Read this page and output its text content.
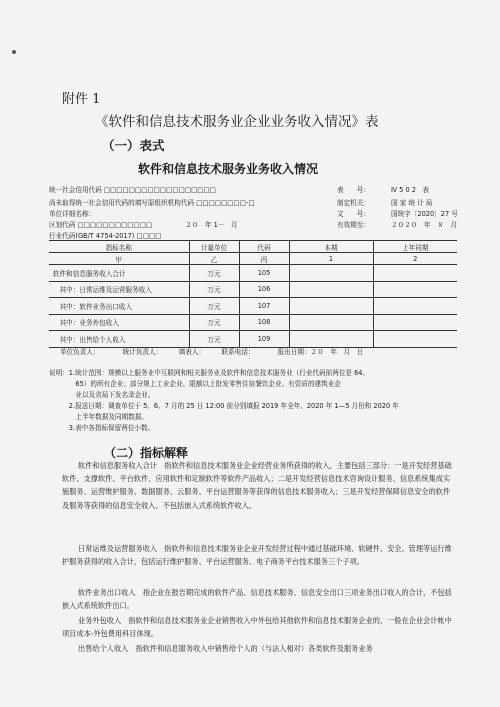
附件 1
《软件和信息技术服务业企业业务收入情况》表
（一）表式
软件和信息技术服务业务收入情况
统一社会信用代码 □□□□□□□□□□□□□□□□□□
尚未取得统一社会信用代码的填写原组织机构代码 □□□□□□□□-□
单位详细名称：
区划代码 □□□□□□□□□□□□　　　　　２０　年 1－　月
行业代码(GB/T 4754-2017) □□□□
表　　号：	Ⅳ 5 0 2　表
制定机关：	国 家 统 计 局
文　　号：	国统字〔2020〕27 号
有效期至：	２０２０　年　８　月
指标名称	计量单位	代码	本期	上年同期
甲	乙	丙	1	2
软件和信息服务收入合计	万元	105		
　其中：日常运维及运营服务收入	万元	106		
　其中：软件业务出口收入	万元	107		
　其中：业务外包收入	万元	108		
　其中：出售给个人收入	万元	109		
单位负责人：　　　　统计负责人：　　　填表人：　　　联系电话：　　　　报出日期：２０　年　月　日
说明：1.统计范围：规模以上服务业中互联网和相关服务业及软件和信息技术服务业（行业代码前两位是 64、
　　　　65）的所有企业；部分规上工业企业、限额以上批发零售住宿餐饮企业、有资质的建筑业企
　　　　业以及省局下发名录企业。
　　　2.报送日期：调查单位于 5、6、7 月的 25 日 12:00 前分别填报 2019 年全年、2020 年 1—5 月份和 2020 年
　　　　上半年数据及同期数据。
　　　3.表中各指标保留两位小数。
（二）指标解释
软件和信息服务收入合计　指软件和信息技术服务业企业经营业务所获得的收入，主要包括三部分：一是开发经营基础软件、支撑软件、平台软件、应用软件和定制软件等软件产品收入；二是开发经营信息技术咨询设计服务、信息系统集成实施服务、运营维护服务、数据服务、云服务、平台运营服务等获得的信息技术服务收入；三是开发经营保障信息安全的软件及服务等获得的信息安全收入。不包括嵌入式系统软件收入。
日常运维及运营服务收入　指软件和信息技术服务业企业开发经营过程中通过基础环境、软硬件、安全、管理等运行维护服务获得的收入合计，包括运行维护服务、平台运营服务、电子商务平台技术服务三个子项。
软件业务出口收入　指企业在报告期完成的软件产品、信息技术服务、信息安全出口三项业务出口收入的合计，不包括嵌入式系统软件出口。
业务外包收入　指软件和信息技术服务业企业销售收入中外包给其他软件和信息技术服务企业的，一般在企业会计帐中项目成本-外包费用科目体现。
出售给个人收入　指软件和信息服务收入中销售给个人的（与法人相对）各类软件及服务业务
